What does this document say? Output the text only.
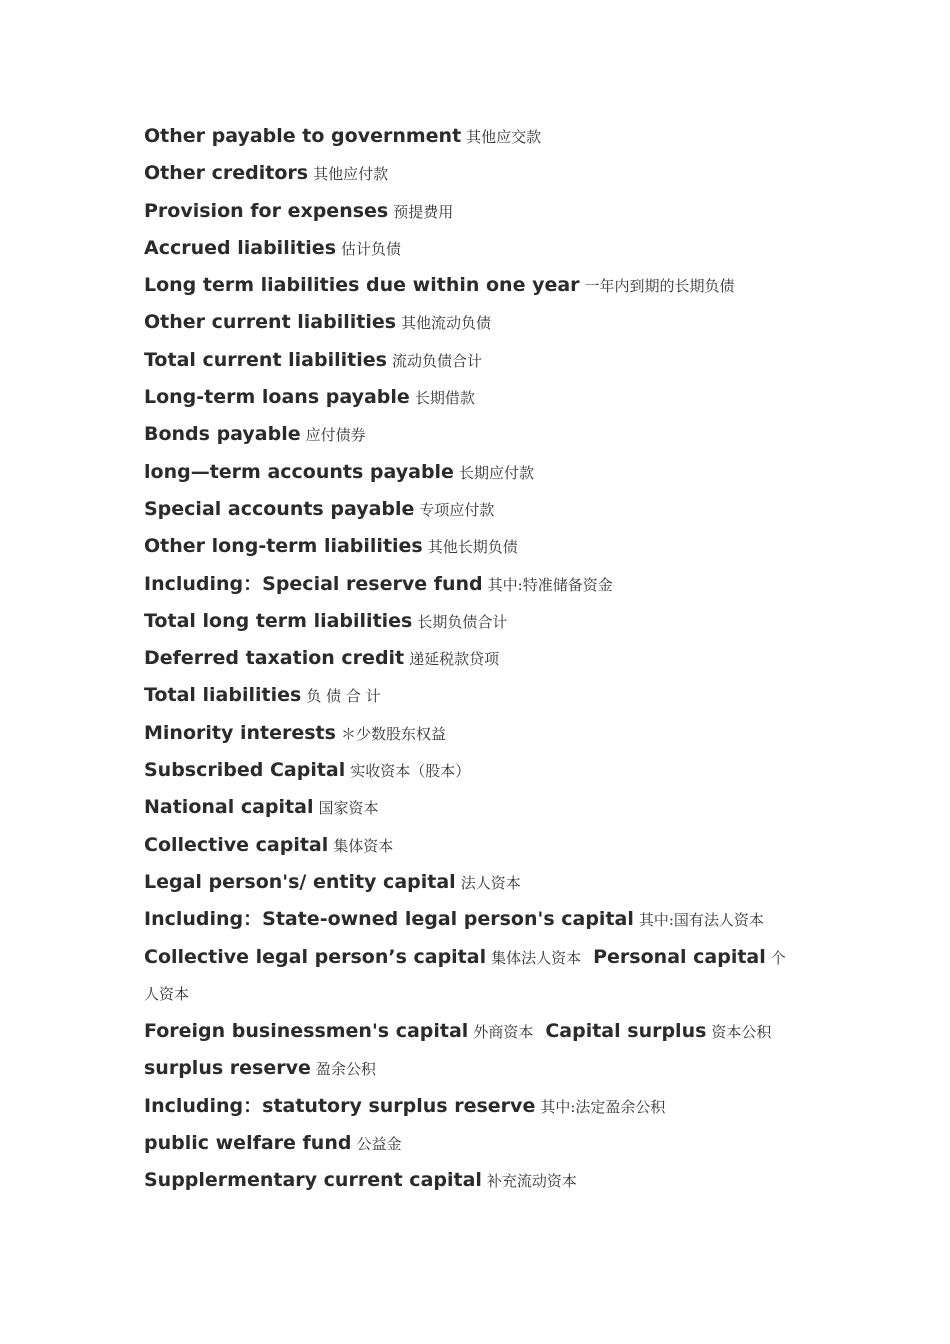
Other payable to government 其他应交款
Other creditors 其他应付款
Provision for expenses 预提费用
Accrued liabilities 估计负债
Long term liabilities due within one year 一年内到期的长期负债
Other current liabilities 其他流动负债
Total current liabilities 流动负债合计
Long-term loans payable 长期借款
Bonds payable 应付债券
long—term accounts payable 长期应付款
Special accounts payable 专项应付款
Other long-term liabilities 其他长期负债
Including：Special reserve fund 其中:特准储备资金
Total long term liabilities 长期负债合计
Deferred taxation credit 递延税款贷项
Total liabilities 负 债 合 计
Minority interests ＊少数股东权益
Subscribed Capital 实收资本（股本）
National capital 国家资本
Collective capital 集体资本
Legal person's/ entity capital 法人资本
Including：State-owned legal person's capital 其中:国有法人资本
Collective legal person’s capital 集体法人资本 Personal capital 个
人资本
Foreign businessmen's capital 外商资本 Capital surplus 资本公积
surplus reserve 盈余公积
Including：statutory surplus reserve 其中:法定盈余公积
public welfare fund 公益金
Supplermentary current capital 补充流动资本
